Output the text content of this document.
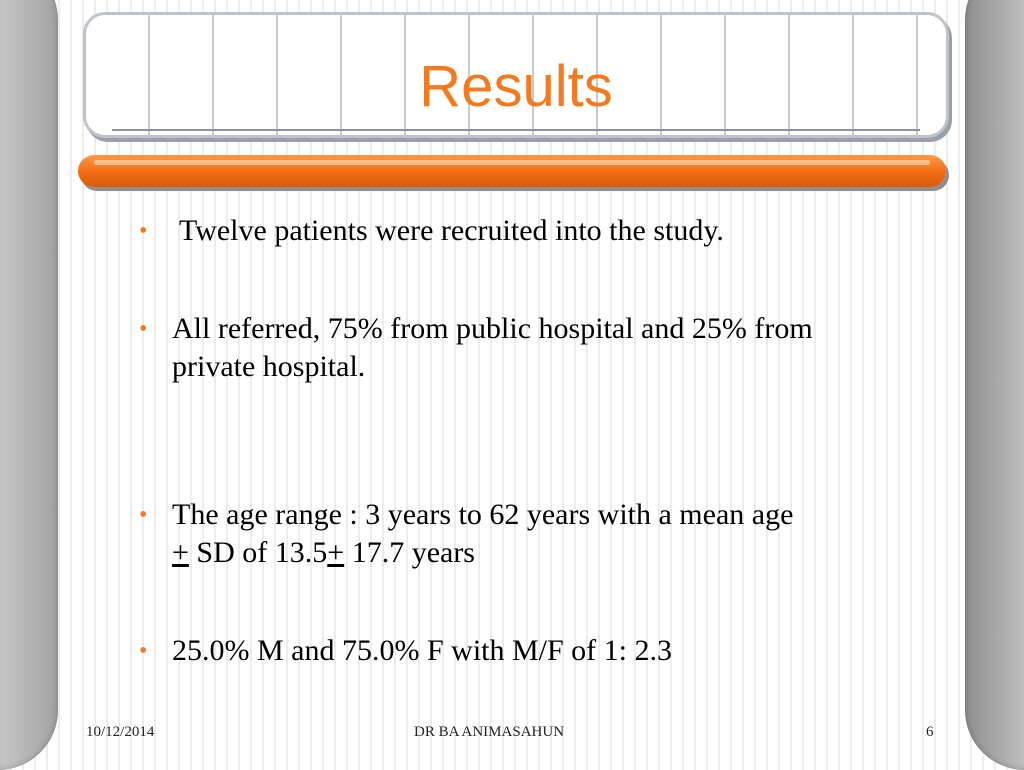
Results
• Twelve patients were recruited into the study.
• All referred, 75% from public hospital and 25% from private hospital.
• The age range : 3 years to 62 years with a mean age
+ SD of 13.5+ 17.7 years
• 25.0% M and 75.0% F with M/F of 1: 2.3
10/12/2014	DR BA ANIMASAHUN	6
